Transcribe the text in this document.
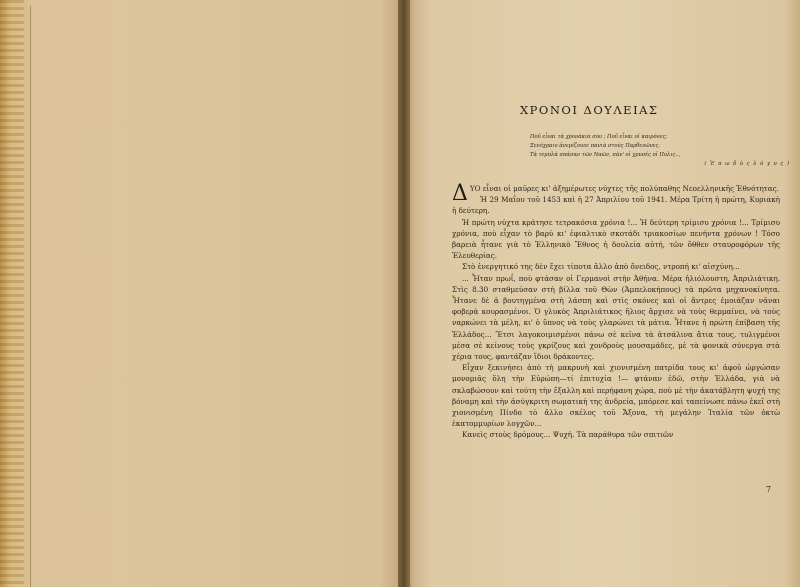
ΧΡΟΝΟΙ ΔΟΥΛΕΙΑΣ
Ποῦ εἶναι τὰ χρονάκια σου ; Ποῦ εἶναι οἱ καιρόνες;
Ξενόχραιο ἀνεμίζουνε πανιὰ στοὺς Παρθενῶνες.
Τὰ τεμπλὰ σπάσαν τῶν Ναῶν, πὰν' οἱ χρυσές οἱ Πολις..,
( Ἐ π ω δ ὸ ς λ ό γ ο ς )

ΔΥΟ εἶναι οἱ μαῦρες κι' ἀξημέρωτες νύχτες τῆς πολύπαθης Νεοελληνικῆς Ἑθνότητας.

Ἡ 29 Μαΐου τοῦ 1453 καὶ ἡ 27 Ἀπριλίου τοῦ 1941. Μέρα Τρίτη ἡ πρώτη, Κυριακὴ ἡ δεύτερη.

Ἡ πρώτη νύχτα κράτησε τετρακόσια χρόνια !... Ἡ δεύτερη τρίμισυ χρόνια !... Τρίμισυ χρόνια, ποὺ εἶχαν τὸ βαρύ κι' ἐφιαλτικὸ σκοτάδι τριακοσίων πενήντα χρόνων ! Τόσο βαρειὰ ἦτανε γιὰ τὸ Ἑλληνικὸ Ἔθνος ἡ δουλεία αὐτή, τῶν ὅθθεν σταυροφόρων τῆς Ἐλευθερίας.

Στὸ ἐνεργητικό της δὲν ἔχει τίποτα ἄλλο ἀπὸ ὄνειδος, ντροπή κι' αἰσχύνη...

... Ἦταν πρωΐ, ποὺ φτάσαν οἱ Γερμανοὶ στὴν Ἀθήνα. Μέρα ἡλιόλουστη, Ἀπριλιάτικη. Στὶς 8.30 σταθμεύσαν στὴ βίλλα τοῦ Θὼν (Ἀμπελοκήπους) τὰ πρῶτα μηχανοκίνητα. Ἦτανε δὲ ἀ βουτηγμένα στὴ λάσπη καὶ στὶς σκόνες καὶ οἱ ἄντρες ἐμοιάζαν νᾶναι φοβερὰ κουρασμένοι. Ὁ γλυκὸς Ἀπριλιάτικος ἥλιος ἄρχισε νὰ τοὺς θερμαίνει, νὰ τοὺς ναρκώνει τὰ μέλη, κι' ὁ ὕπνος νὰ τοὺς γλαρώνει τὰ μάτια. Ἦτανε ἡ πρώτη ἐπίβαση τῆς Ἑλλάδος... Ἔτσι λαγοκοιμισμένοι πάνω σὲ κεῖνα τὰ ἀτσάλινα ἄτια τους, τυλιγμένοι μέσα σὲ κείνους τοὺς γκρίζους καὶ χονδροὺς μουσαμάδες, μὲ τὰ φονικὰ σύνεργα στὰ χέρια τους, φαντάζαν ἴδιοι δράκοντες.

Εἶχαν ξεκινήσει ἀπὸ τὴ μακρυνὴ καὶ χιονισμένη πατρίδα τους κι' ἀφοῦ ὡργώσαν μονομιᾶς ὅλη τὴν Εὐρώπη—τί ἐπιτυχία !— φτάναν ἐδῶ, στὴν Ἑλλάδα, γιὰ νὰ σκλαβώσουν καὶ τούτη τὴν ἔξαλλη καὶ περήφανη χώρα, ποὺ μὲ τὴν ἀκατάβλητη ψυχή της βόναμη καὶ τὴν ἀσύγκριτη σωματικὴ της ἀνδρεία, μπόρεσε καὶ ταπείνωσε πάνω ἐκεῖ στὴ χιονισμένη Πίνδο τὸ ἄλλο σκέλος τοῦ Ἄξονα, τὴ μεγάλην Ἰταλία τῶν ὀκτὼ ἑκατομμυρίων λογχῶν...

Κανεὶς στοὺς δρόμους... Ψυχή. Τὰ παράθυρα τῶν σπιτιῶν

7
